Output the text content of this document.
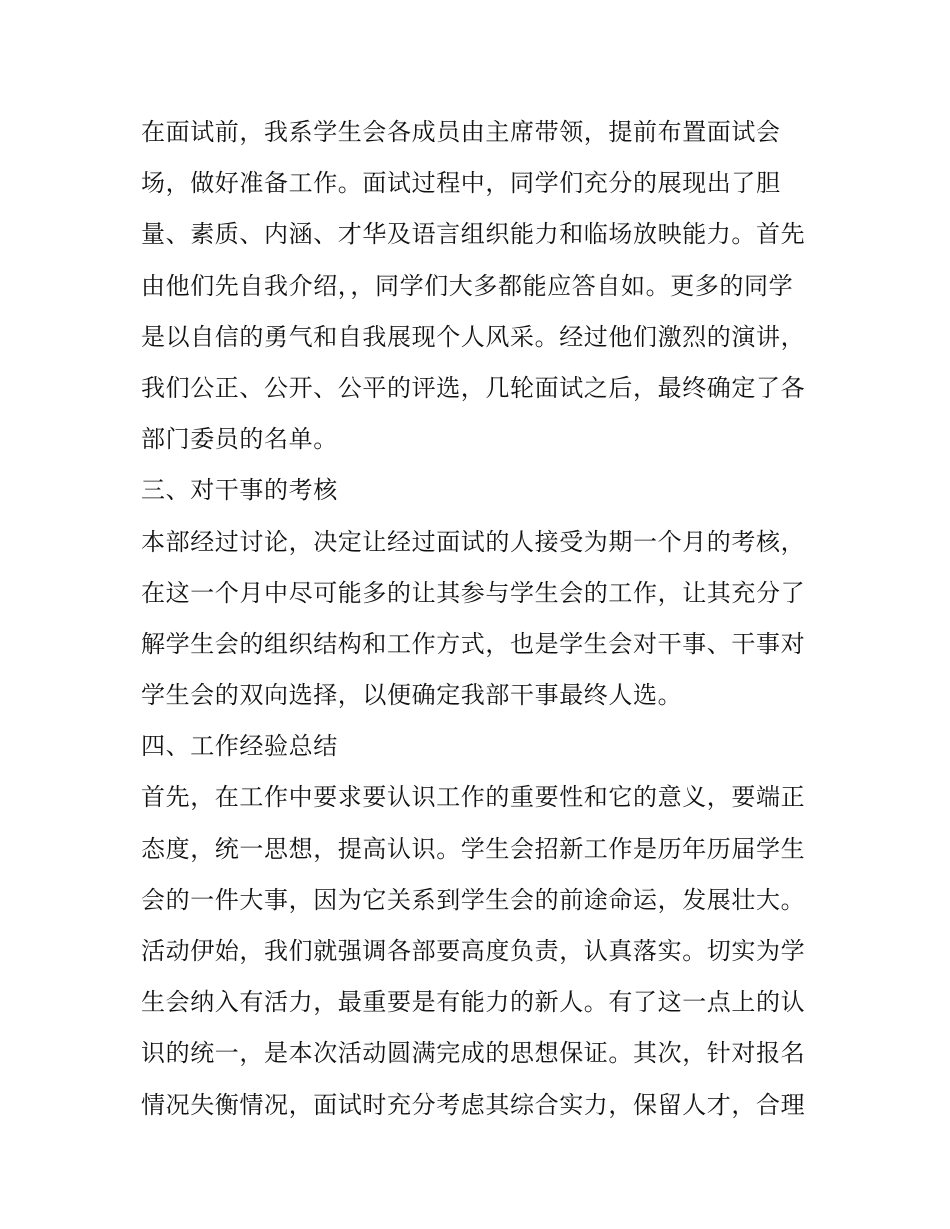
在面试前，我系学生会各成员由主席带领，提前布置面试会

场，做好准备工作。面试过程中，同学们充分的展现出了胆

量、素质、内涵、才华及语言组织能力和临场放映能力。首先

由他们先自我介绍，，同学们大多都能应答自如。更多的同学

是以自信的勇气和自我展现个人风采。经过他们激烈的演讲，

我们公正、公开、公平的评选，几轮面试之后，最终确定了各

部门委员的名单。

三、对干事的考核

本部经过讨论，决定让经过面试的人接受为期一个月的考核，

在这一个月中尽可能多的让其参与学生会的工作，让其充分了

解学生会的组织结构和工作方式，也是学生会对干事、干事对

学生会的双向选择，以便确定我部干事最终人选。

四、工作经验总结

首先，在工作中要求要认识工作的重要性和它的意义，要端正

态度，统一思想，提高认识。学生会招新工作是历年历届学生

会的一件大事，因为它关系到学生会的前途命运，发展壮大。

活动伊始，我们就强调各部要高度负责，认真落实。切实为学

生会纳入有活力，最重要是有能力的新人。有了这一点上的认

识的统一，是本次活动圆满完成的思想保证。其次，针对报名

情况失衡情况，面试时充分考虑其综合实力，保留人才，合理
